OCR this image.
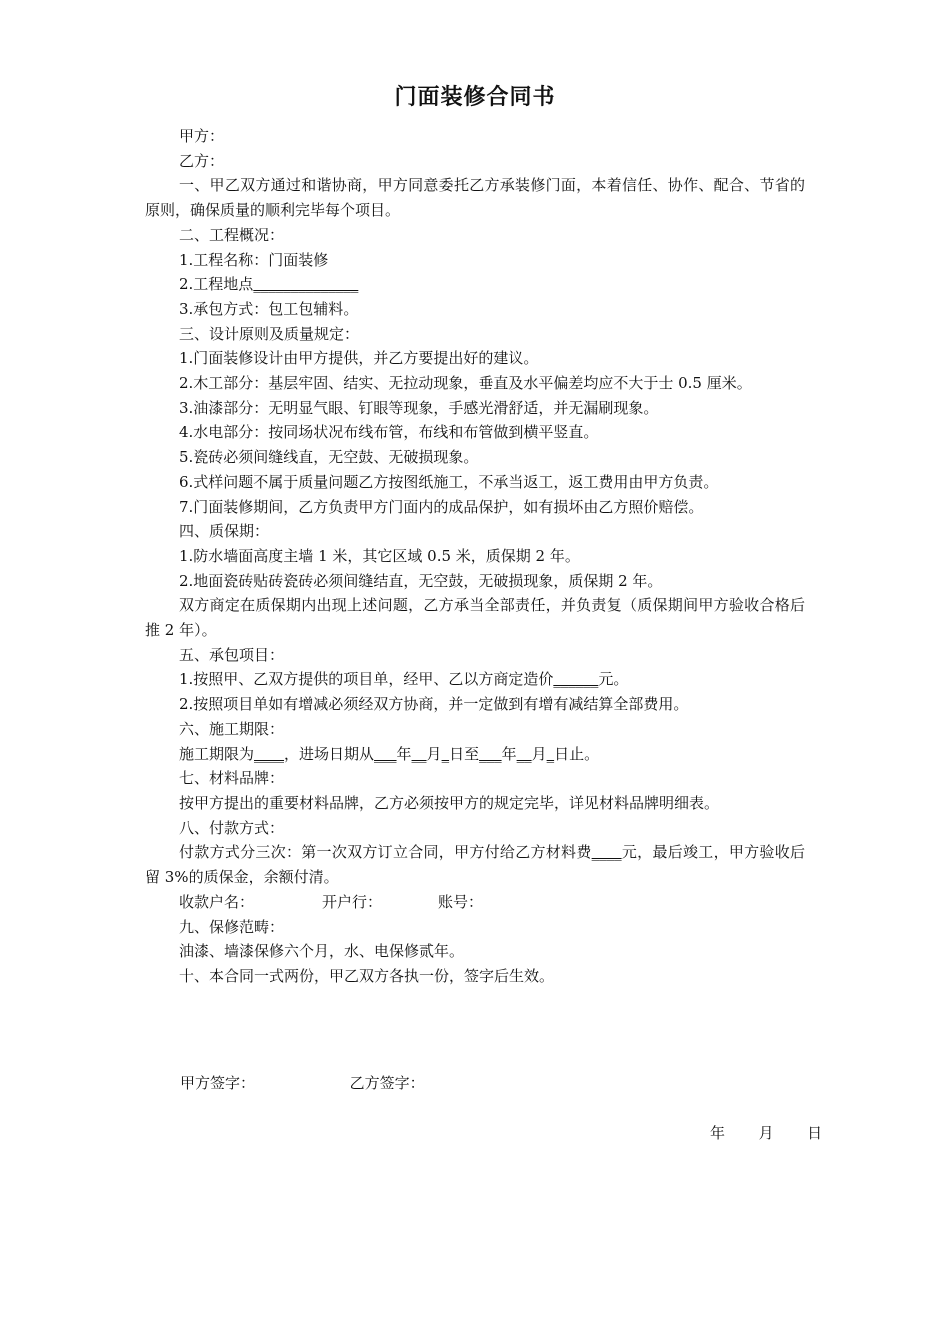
门面装修合同书
甲方：
乙方：
一、甲乙双方通过和谐协商，甲方同意委托乙方承装修门面，本着信任、协作、配合、节省的原则，确保质量的顺利完毕每个项目。
二、工程概况：
1.工程名称：门面装修
2.工程地点______________
3.承包方式：包工包辅料。
三、设计原则及质量规定：
1.门面装修设计由甲方提供，并乙方要提出好的建议。
2.木工部分：基层牢固、结实、无拉动现象，垂直及水平偏差均应不大于士 0.5 厘米。
3.油漆部分：无明显气眼、钉眼等现象，手感光滑舒适，并无漏刷现象。
4.水电部分：按同场状况布线布管，布线和布管做到横平竖直。
5.瓷砖必须间缝线直，无空鼓、无破损现象。
6.式样问题不属于质量问题乙方按图纸施工，不承当返工，返工费用由甲方负责。
7.门面装修期间，乙方负责甲方门面内的成品保护，如有损坏由乙方照价赔偿。
四、质保期：
1.防水墙面高度主墙 1 米，其它区域 0.5 米，质保期 2 年。
2.地面瓷砖贴砖瓷砖必须间缝结直，无空鼓，无破损现象，质保期 2 年。
双方商定在质保期内出现上述问题，乙方承当全部责任，并负责复（质保期间甲方验收合格后推 2 年）。
五、承包项目：
1.按照甲、乙双方提供的项目单，经甲、乙以方商定造价______元。
2.按照项目单如有增减必须经双方协商，并一定做到有增有减结算全部费用。
六、施工期限：
施工期限为____，进场日期从___年__月_日至___年__月_日止。
七、材料品牌：
按甲方提出的重要材料品牌，乙方必须按甲方的规定完毕，详见材料品牌明细表。
八、付款方式：
付款方式分三次：第一次双方订立合同，甲方付给乙方材料费____元，最后竣工，甲方验收后留 3%的质保金，余额付清。
收款户名：	开户行：	账号：
九、保修范畴：
油漆、墙漆保修六个月，水、电保修贰年。
十、本合同一式两份，甲乙双方各执一份，签字后生效。
甲方签字：	乙方签字：
年 月 日
